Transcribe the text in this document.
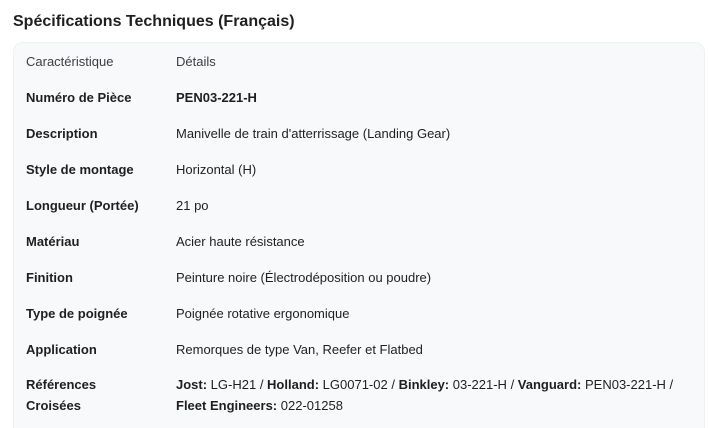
Spécifications Techniques (Français)
Caractéristique	Détails
Numéro de Pièce	PEN03-221-H
Description	Manivelle de train d'atterrissage (Landing Gear)
Style de montage	Horizontal (H)
Longueur (Portée)	21 po
Matériau	Acier haute résistance
Finition	Peinture noire (Électrodéposition ou poudre)
Type de poignée	Poignée rotative ergonomique
Application	Remorques de type Van, Reefer et Flatbed
Références
Croisées	Jost: LG-H21 / Holland: LG0071-02 / Binkley: 03-221-H / Vanguard: PEN03-221-H / Fleet Engineers: 022-01258
